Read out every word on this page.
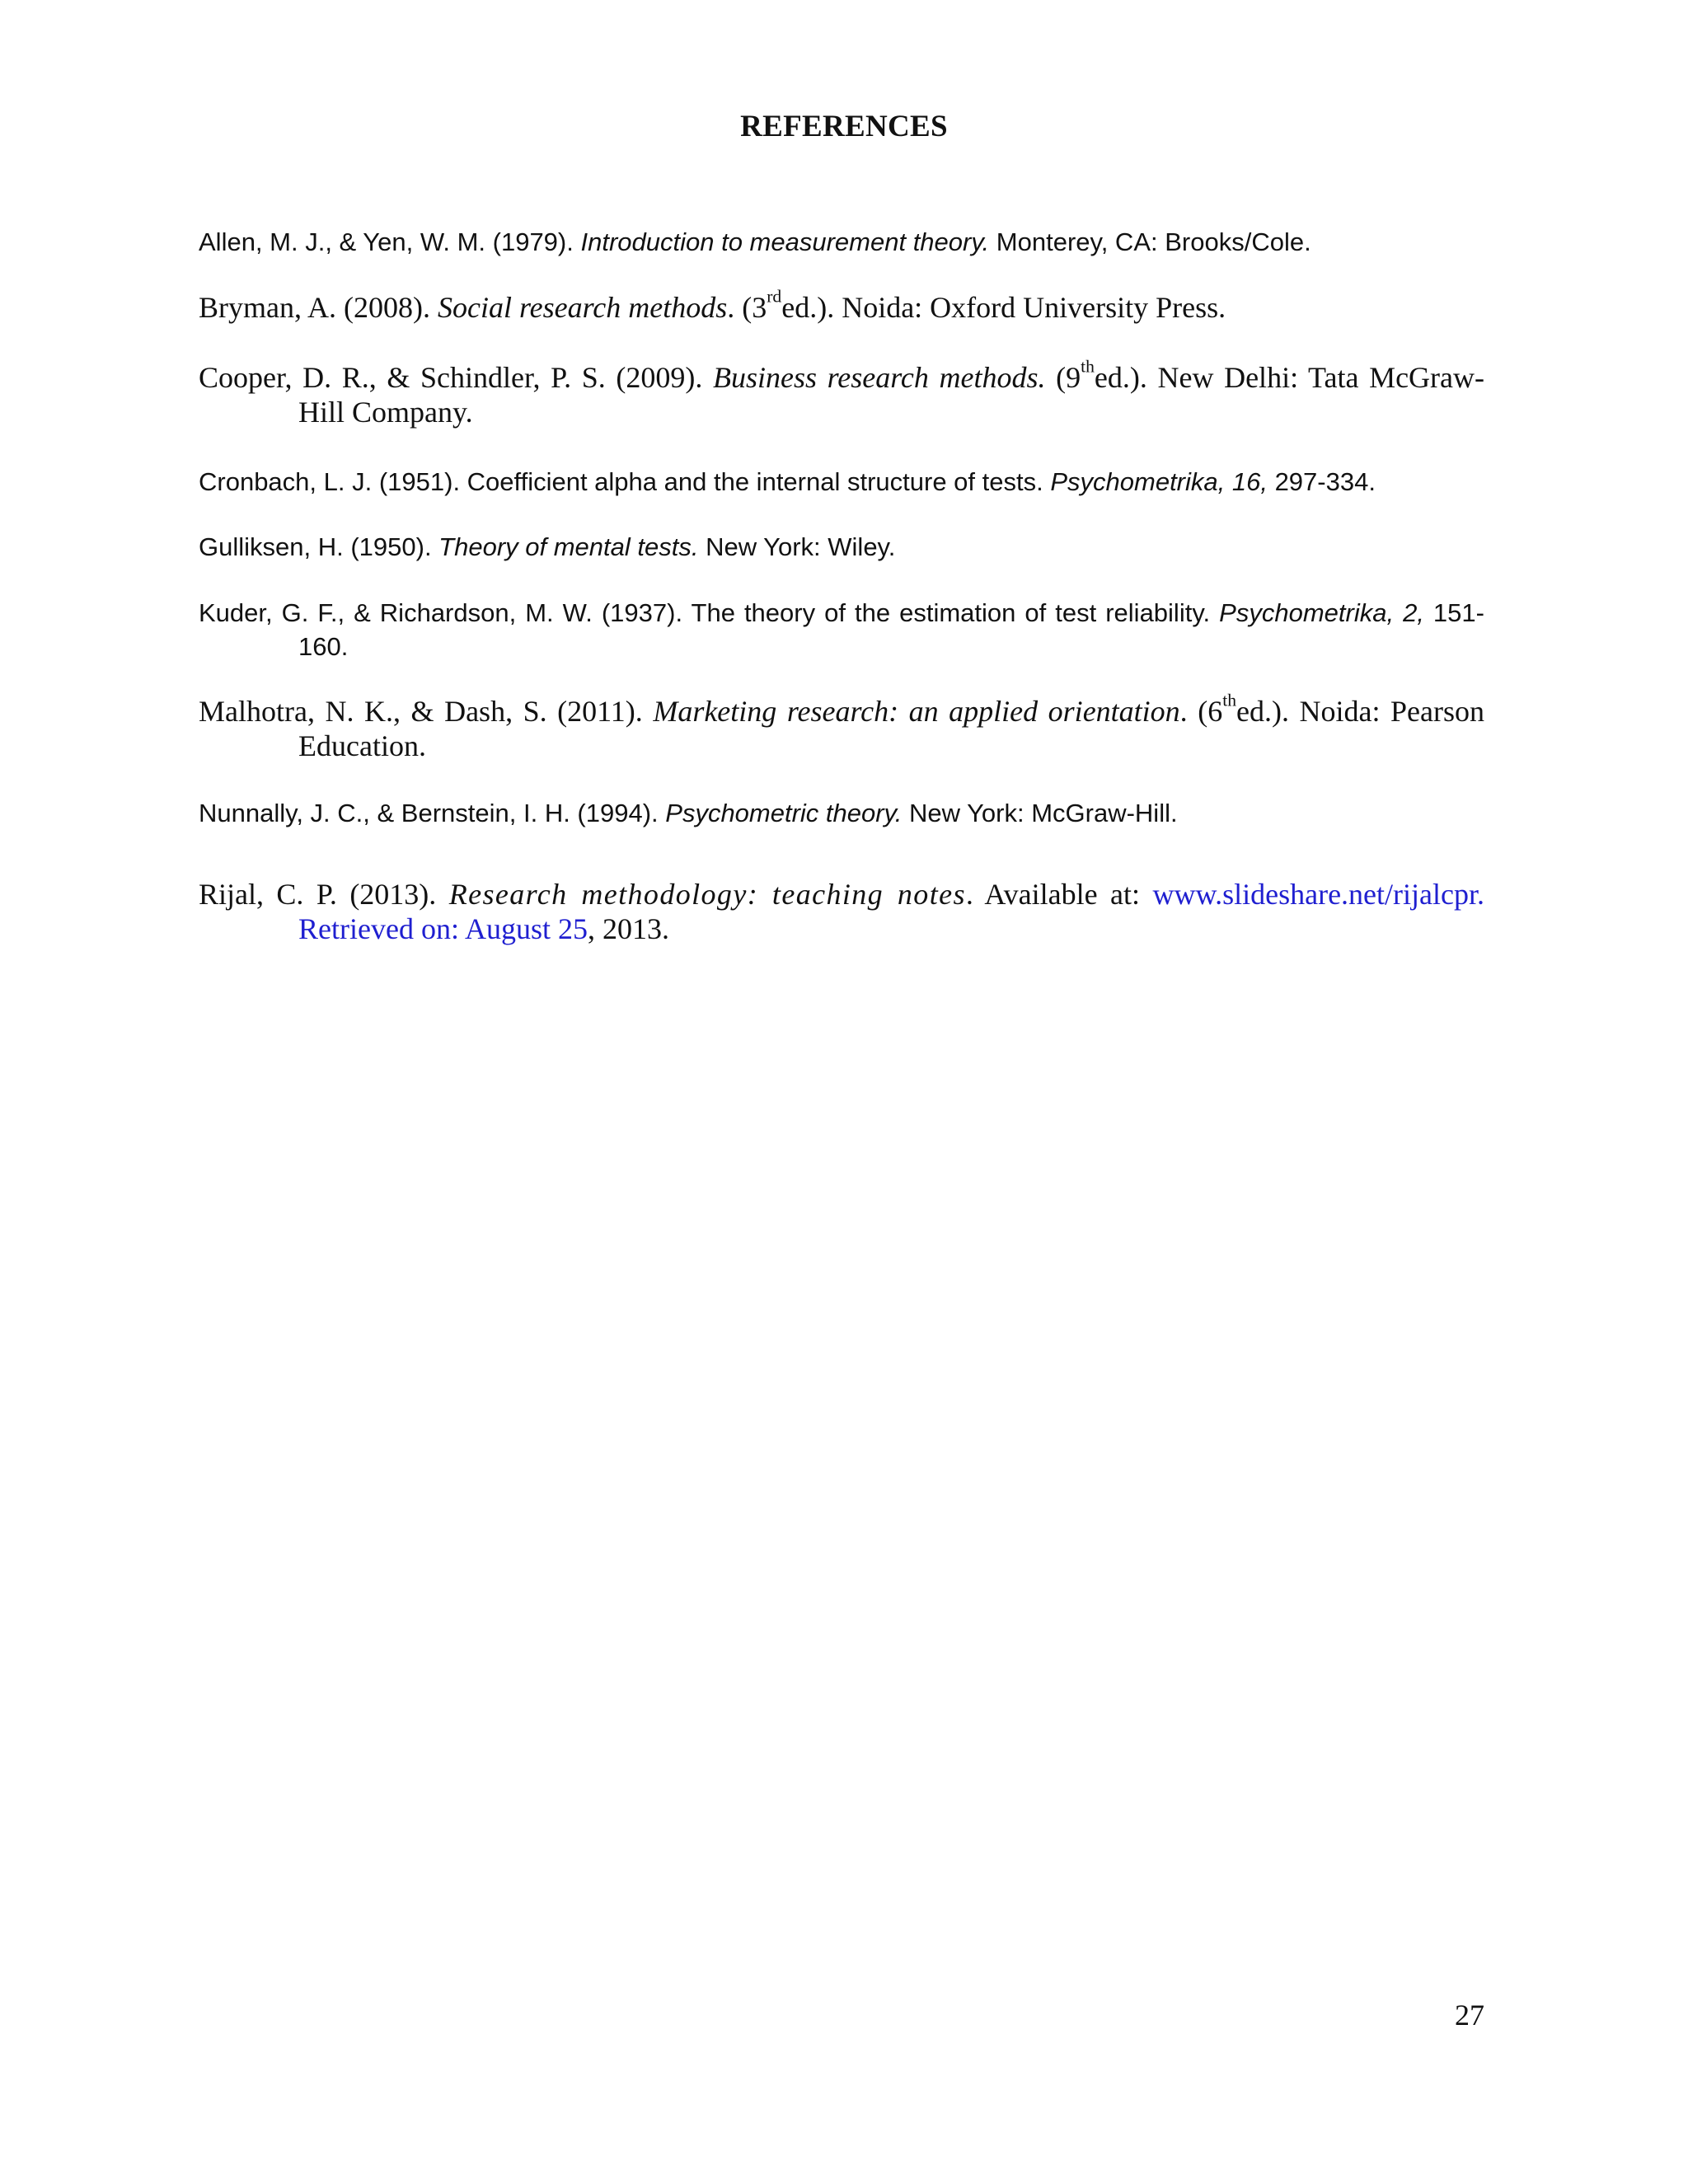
REFERENCES

Allen, M. J., & Yen, W. M. (1979). Introduction to measurement theory. Monterey, CA: Brooks/Cole.

Bryman, A. (2008). Social research methods. (3rded.). Noida: Oxford University Press.

Cooper, D. R., & Schindler, P. S. (2009). Business research methods. (9thed.). New Delhi: Tata McGraw-Hill Company.

Cronbach, L. J. (1951). Coefficient alpha and the internal structure of tests. Psychometrika, 16, 297-334.

Gulliksen, H. (1950). Theory of mental tests. New York: Wiley.

Kuder, G. F., & Richardson, M. W. (1937). The theory of the estimation of test reliability. Psychometrika, 2, 151-160.

Malhotra, N. K., & Dash, S. (2011). Marketing research: an applied orientation. (6thed.). Noida: Pearson Education.

Nunnally, J. C., & Bernstein, I. H. (1994). Psychometric theory. New York: McGraw-Hill.

Rijal, C. P. (2013). Research methodology: teaching notes. Available at: www.slideshare.net/rijalcpr. Retrieved on: August 25, 2013.

27
